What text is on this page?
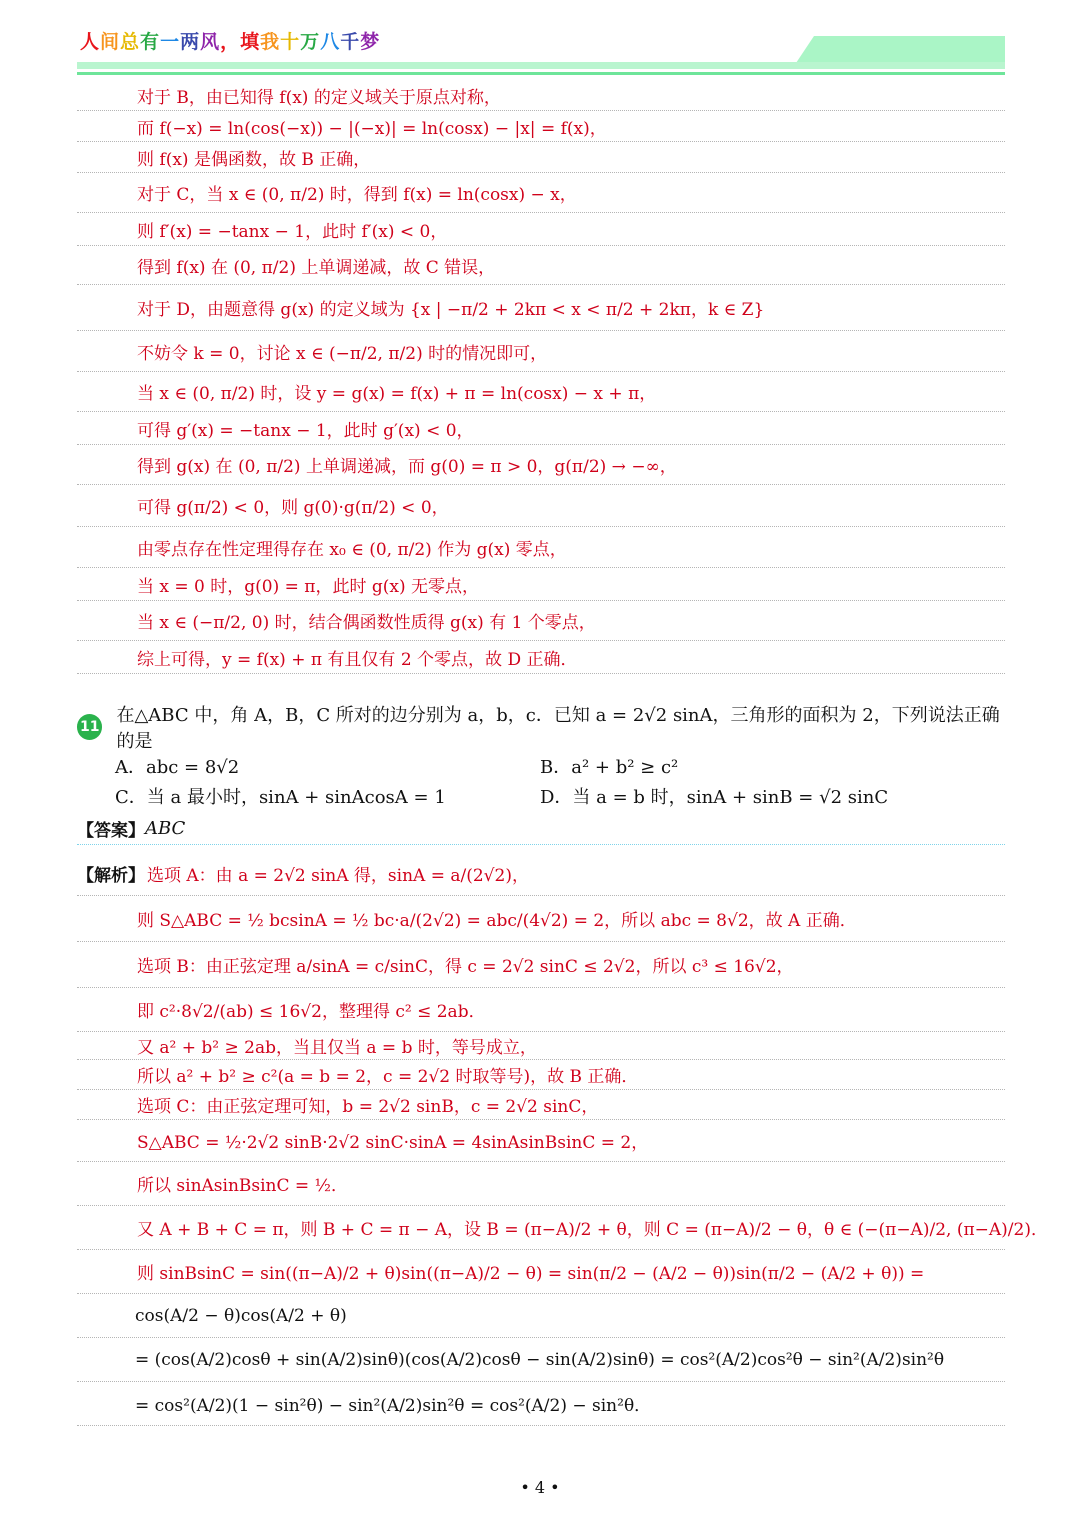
人间总有一两风，填我十万八千梦
对于 B，由已知得 f(x) 的定义域关于原点对称，
而 f(−x) = ln(cos(−x)) − |(−x)| = ln(cosx) − |x| = f(x)，
则 f(x) 是偶函数，故 B 正确，
对于 C，当 x ∈ (0, π/2) 时，得到 f(x) = ln(cosx) − x，
则 f′(x) = −tanx − 1，此时 f′(x) < 0，
得到 f(x) 在 (0, π/2) 上单调递减，故 C 错误，
对于 D，由题意得 g(x) 的定义域为 {x | −π/2 + 2kπ < x < π/2 + 2kπ，k ∈ Z}
不妨令 k = 0，讨论 x ∈ (−π/2, π/2) 时的情况即可，
当 x ∈ (0, π/2) 时，设 y = g(x) = f(x) + π = ln(cosx) − x + π，
可得 g′(x) = −tanx − 1，此时 g′(x) < 0，
得到 g(x) 在 (0, π/2) 上单调递减，而 g(0) = π > 0，g(π/2) → −∞，
可得 g(π/2) < 0，则 g(0)·g(π/2) < 0，
由零点存在性定理得存在 x₀ ∈ (0, π/2) 作为 g(x) 零点，
当 x = 0 时，g(0) = π，此时 g(x) 无零点，
当 x ∈ (−π/2, 0) 时，结合偶函数性质得 g(x) 有 1 个零点，
综上可得，y = f(x) + π 有且仅有 2 个零点，故 D 正确．
11
在△ABC 中，角 A，B，C 所对的边分别为 a，b，c．已知 a = 2√2 sinA，三角形的面积为 2，下列说法正确的是
A．abc = 8√2	B．a² + b² ≥ c²
C．当 a 最小时，sinA + sinAcosA = 1	D．当 a = b 时，sinA + sinB = √2 sinC
【答案】 ABC
【解析】 选项 A：由 a = 2√2 sinA 得，sinA = a/(2√2)，
则 S△ABC = ½ bcsinA = ½ bc·a/(2√2) = abc/(4√2) = 2，所以 abc = 8√2，故 A 正确．
选项 B：由正弦定理 a/sinA = c/sinC，得 c = 2√2 sinC ≤ 2√2，所以 c³ ≤ 16√2，
即 c²·8√2/(ab) ≤ 16√2，整理得 c² ≤ 2ab．
又 a² + b² ≥ 2ab，当且仅当 a = b 时，等号成立，
所以 a² + b² ≥ c²(a = b = 2，c = 2√2 时取等号)，故 B 正确．
选项 C：由正弦定理可知，b = 2√2 sinB，c = 2√2 sinC，
S△ABC = ½·2√2 sinB·2√2 sinC·sinA = 4sinAsinBsinC = 2，
所以 sinAsinBsinC = ½．
又 A + B + C = π，则 B + C = π − A，设 B = (π−A)/2 + θ，则 C = (π−A)/2 − θ，θ ∈ (−(π−A)/2, (π−A)/2)．
则 sinBsinC = sin((π−A)/2 + θ)sin((π−A)/2 − θ) = sin(π/2 − (A/2 − θ))sin(π/2 − (A/2 + θ)) =
cos(A/2 − θ)cos(A/2 + θ)
= (cos(A/2)cosθ + sin(A/2)sinθ)(cos(A/2)cosθ − sin(A/2)sinθ) = cos²(A/2)cos²θ − sin²(A/2)sin²θ
= cos²(A/2)(1 − sin²θ) − sin²(A/2)sin²θ = cos²(A/2) − sin²θ．
• 4 •
